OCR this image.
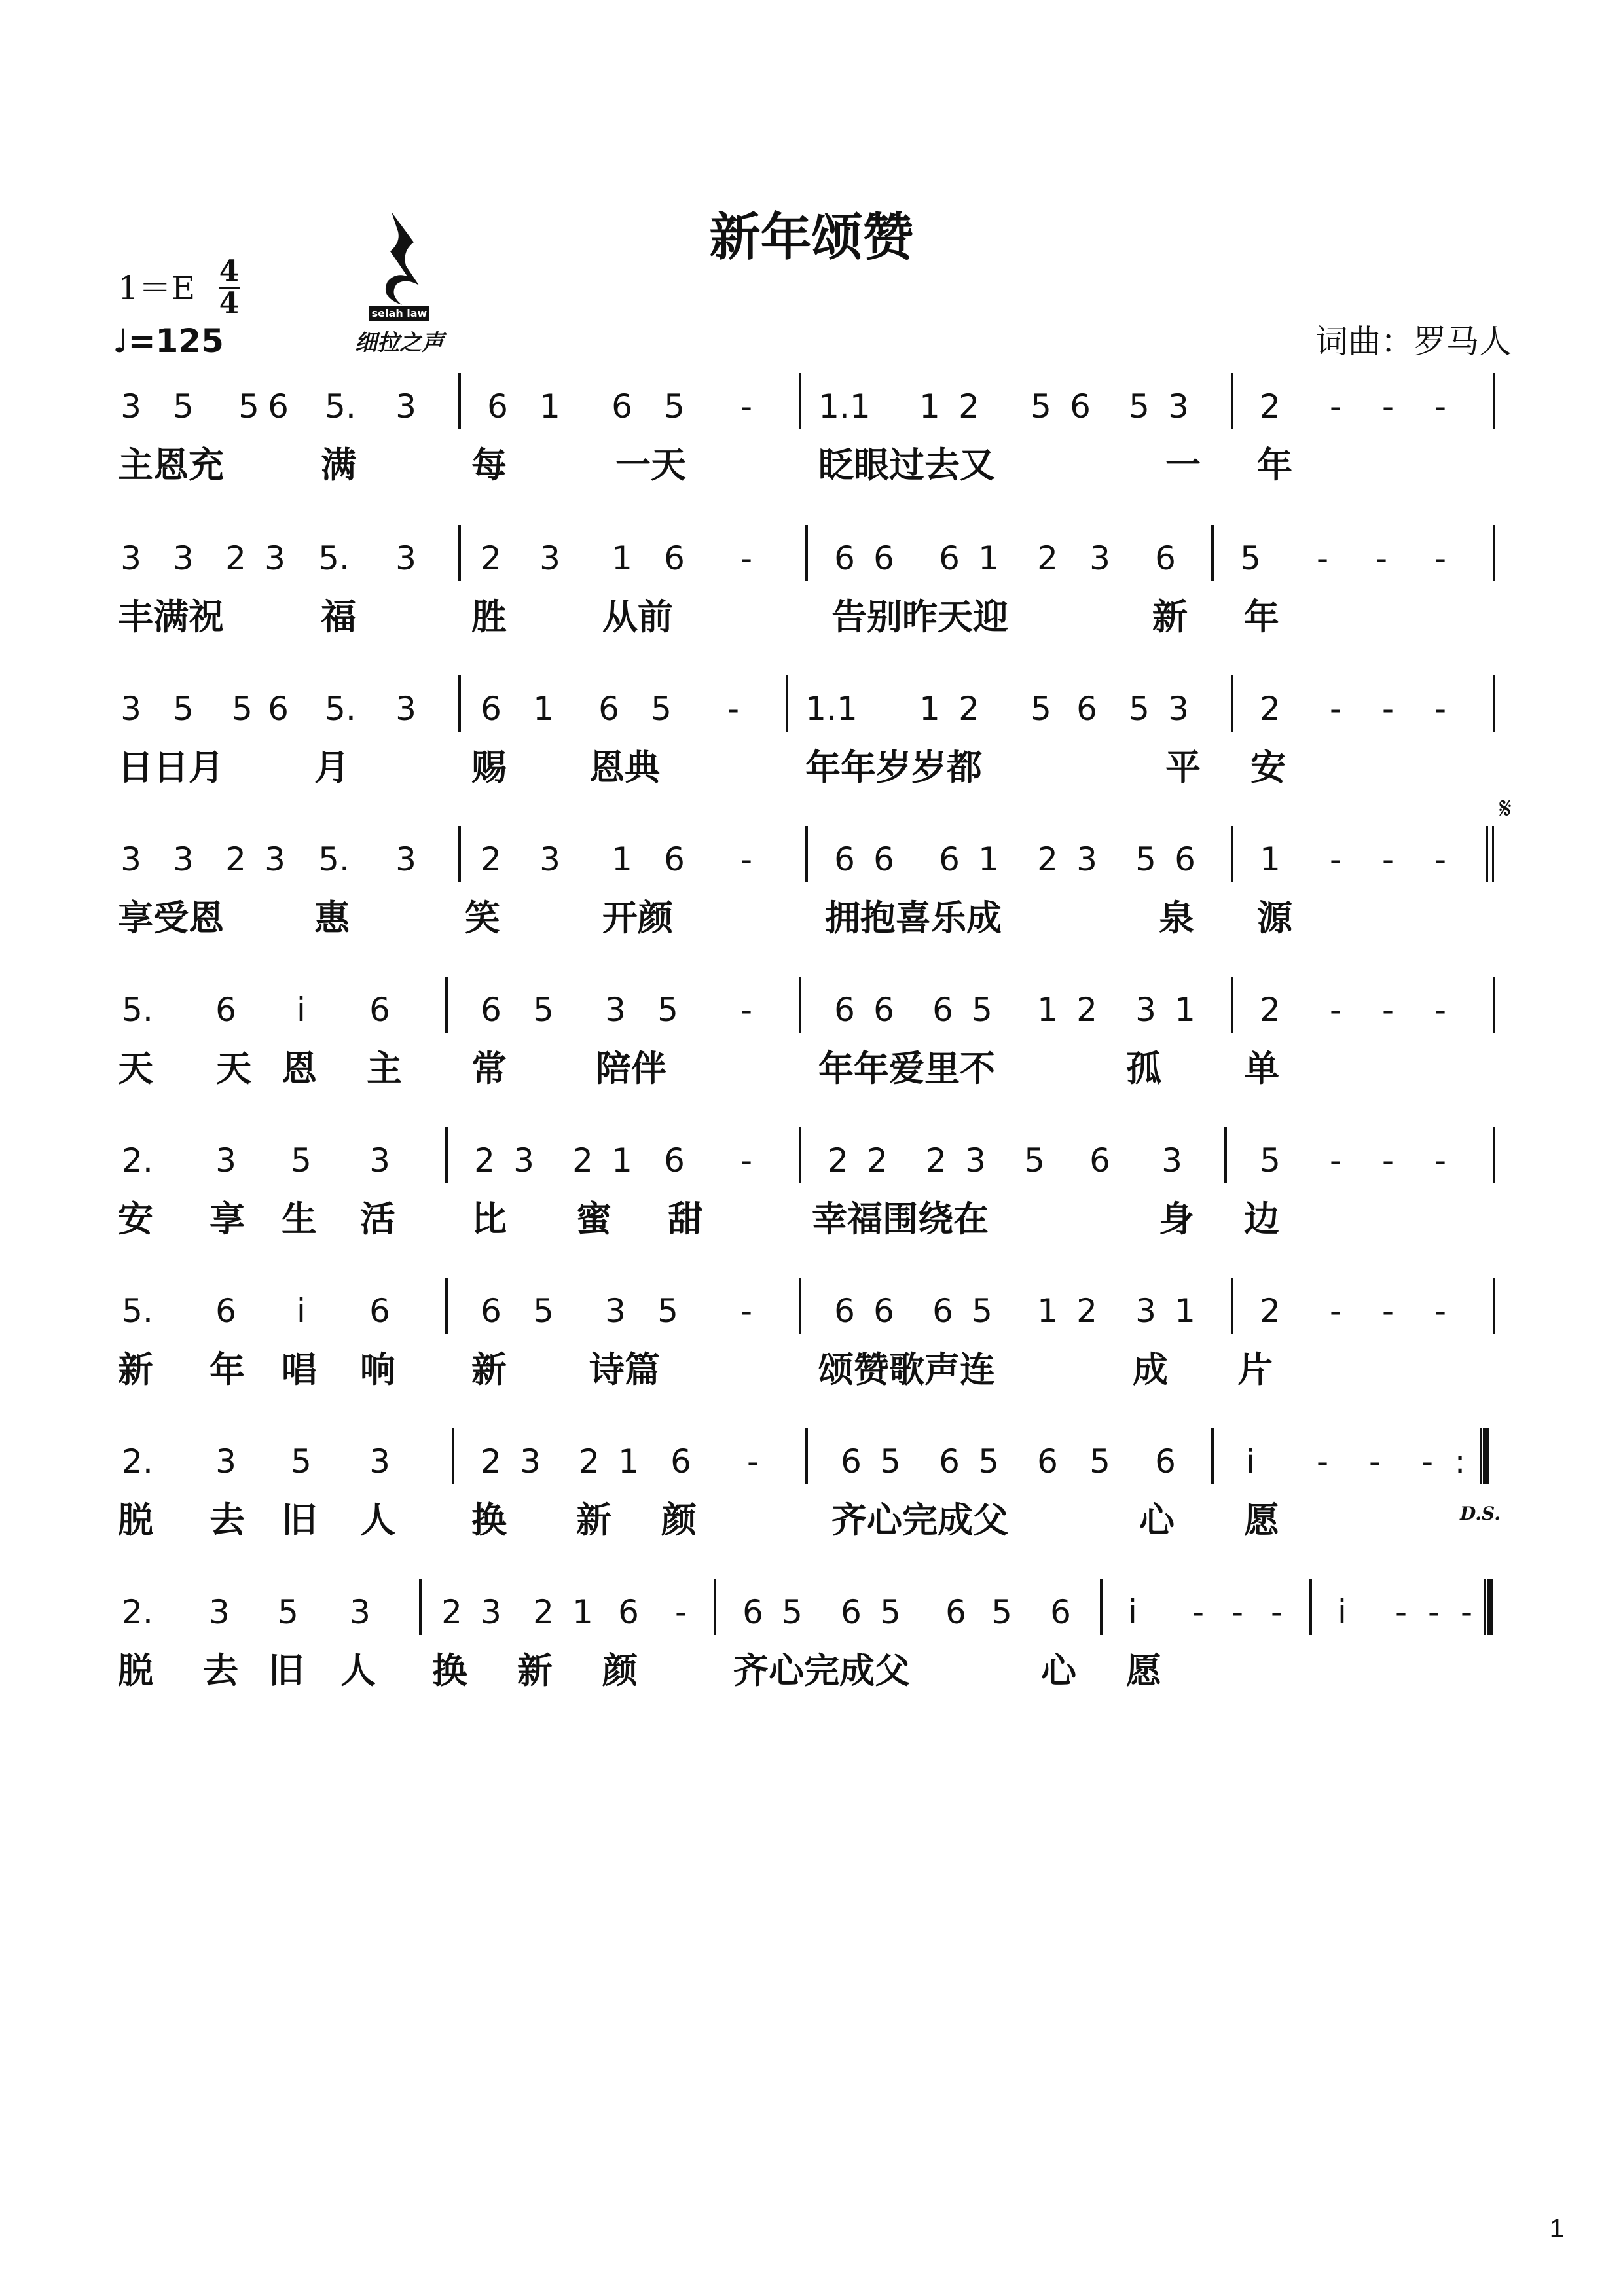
新年颂赞
1＝E 4
4
♩=125
selah law
细拉之声	词曲：罗马人
3 5 5 6 5. 3 6 1 6 5 - 1.1 1 2 5 6 5 3 2 - - -
主恩充	满	每	一天	眨眼过去又	一 年
3 3 2 3 5. 3 2 3 1 6 -	6 6 6 1 2 3 6 5 - - -
丰满祝	福	胜	从前	告别昨天迎	新 年
3 5 5 6 5. 3 6 1 6 5 - 1.1 1 2 5 6 5 3 2 - - -
日日月	月	赐 恩典	年年岁岁都	平 安
𝄋
3 3 2 3 5. 3 2 3 1 6 -	6 6 6 1 2 3 5 6 1 - - -
享受恩	惠	笑	开颜	拥抱喜乐成	泉 源
5. 6 i 6	6 5 3 5 -	6 6 6 5 1 2 3 1 2 - - -
天 天 恩 主 常	陪伴	年年爱里不	孤 单
2. 3 5 3	2 3 2 1 6 - 2 2 2 3 5 6 3 5 - - -
安 享 生 活 比 蜜 甜	幸福围绕在	身 边
5. 6 i 6	6 5 3 5 -	6 6 6 5 1 2 3 1 2 - - -
新 年 唱 响 新 诗篇	颂赞歌声连	成 片
2. 3 5 3	2 3 2 1 6 -	6 5 6 5 6 5 6 i - - - :
脱 去 旧 人 换 新 颜	齐心完成父	心 愿	D.S.
2. 3 5 3 2 3 2 1 6 - 6 5 6 5 6 5 6 i - - - i - - -
脱 去 旧 人 换 新 颜	齐心完成父	心 愿
1
